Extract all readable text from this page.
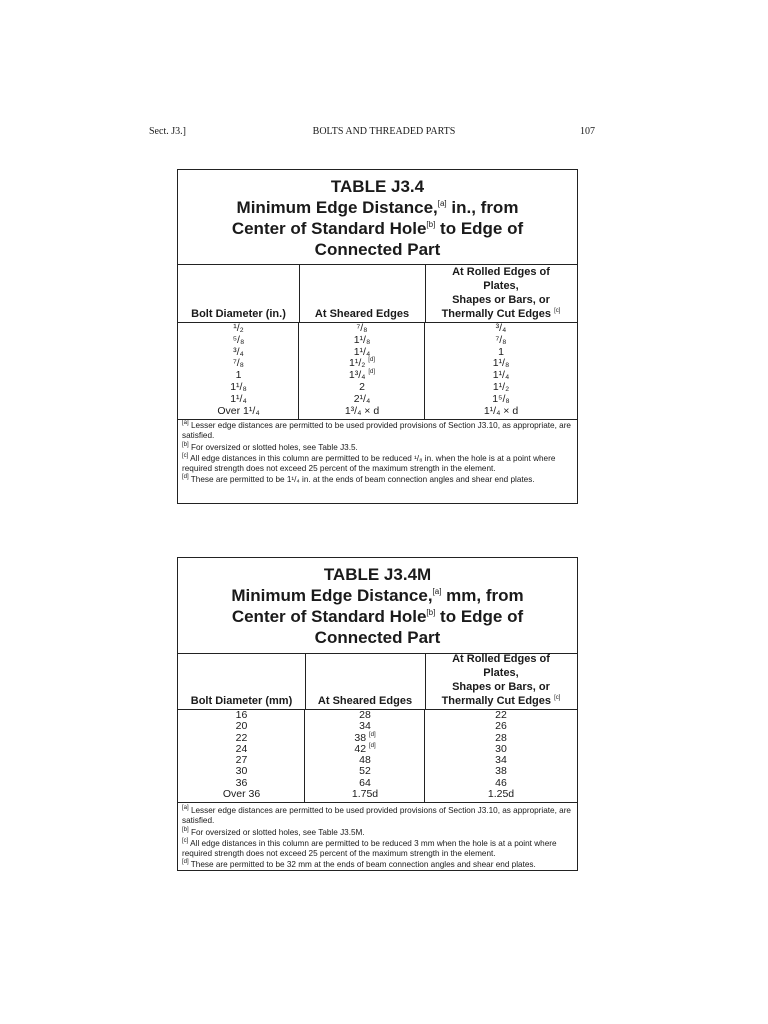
Sect. J3.]	BOLTS AND THREADED PARTS	107
TABLE J3.4
Minimum Edge Distance,[a] in., from
Center of Standard Hole[b] to Edge of
Connected Part
Bolt Diameter (in.)	At Sheared Edges
At Rolled Edges of
Plates,
Shapes or Bars, or
Thermally Cut Edges [c]
¹/₂	⁷/₈	³/₄
⁵/₈	1¹/₈	⁷/₈
³/₄	1¹/₄	1
⁷/₈	1¹/₂ [d]	1¹/₈
1	1³/₄ [d]	1¹/₄
1¹/₈	2	1¹/₂
1¹/₄	2¹/₄	1⁵/₈
Over 1¹/₄	1³/₄ × d	1¹/₄ × d
[a] Lesser edge distances are permitted to be used provided provisions of Section J3.10, as appropriate, are satisfied.
[b] For oversized or slotted holes, see Table J3.5.
[c] All edge distances in this column are permitted to be reduced ¹/₈ in. when the hole is at a point where required strength does not exceed 25 percent of the maximum strength in the element.
[d] These are permitted to be 1¹/₄ in. at the ends of beam connection angles and shear end plates.
TABLE J3.4M
Minimum Edge Distance,[a] mm, from
Center of Standard Hole[b] to Edge of
Connected Part
Bolt Diameter (mm) At Sheared Edges
At Rolled Edges of
Plates,
Shapes or Bars, or
Thermally Cut Edges [c]
16	28	22
20	34	26
22	38 [d]	28
24	42 [d]	30
27	48	34
30	52	38
36	64	46
Over 36	1.75d	1.25d
[a] Lesser edge distances are permitted to be used provided provisions of Section J3.10, as appropriate, are satisfied.
[b] For oversized or slotted holes, see Table J3.5M.
[c] All edge distances in this column are permitted to be reduced 3 mm when the hole is at a point where required strength does not exceed 25 percent of the maximum strength in the element.
[d] These are permitted to be 32 mm at the ends of beam connection angles and shear end plates.
